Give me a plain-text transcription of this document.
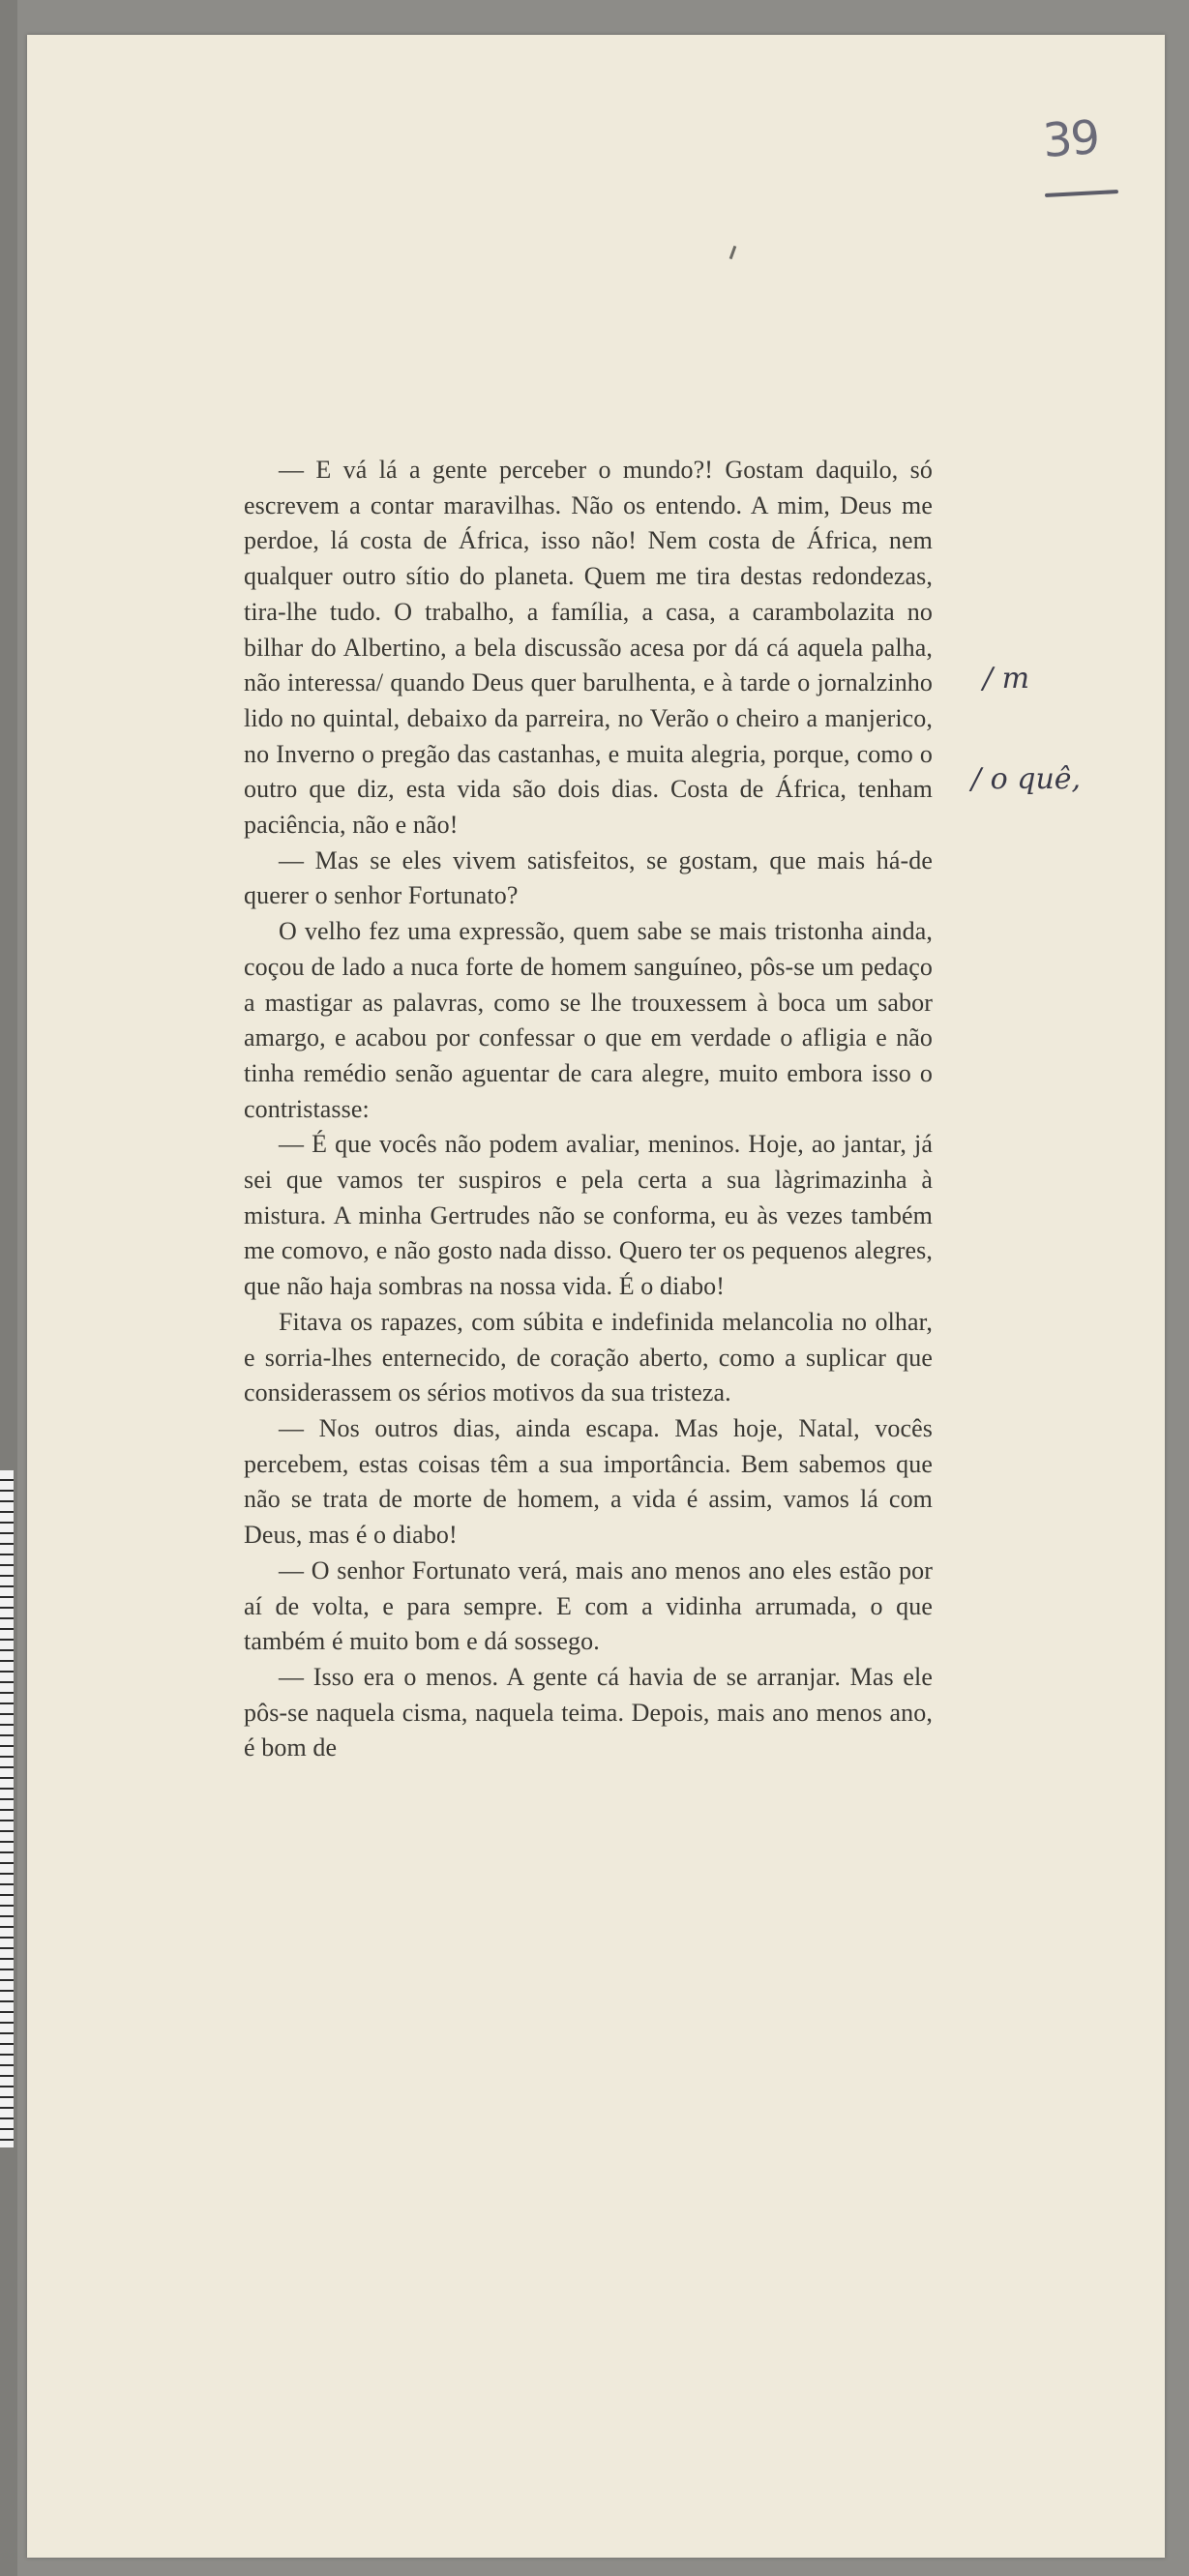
39
/ m
/ o quê,

— E vá lá a gente perceber o mundo?! Gostam daquilo, só escrevem a contar maravilhas. Não os entendo. A mim, Deus me perdoe, lá costa de África, isso não! Nem costa de África, nem qualquer outro sítio do planeta. Quem me tira destas redondezas, tira-lhe tudo. O trabalho, a família, a casa, a carambolazita no bilhar do Albertino, a bela discussão acesa por dá cá aquela palha, não interessa/ quando Deus quer barulhenta, e à tarde o jornalzinho lido no quintal, debaixo da parreira, no Verão o cheiro a manjerico, no Inverno o pregão das castanhas, e muita alegria, porque, como o outro que diz, esta vida são dois dias. Costa de África, tenham paciência, não e não!

— Mas se eles vivem satisfeitos, se gostam, que mais há-de querer o senhor Fortunato?

O velho fez uma expressão, quem sabe se mais tristonha ainda, coçou de lado a nuca forte de homem sanguíneo, pôs-se um pedaço a mastigar as palavras, como se lhe trouxessem à boca um sabor amargo, e acabou por confessar o que em verdade o afligia e não tinha remédio senão aguentar de cara alegre, muito embora isso o contristasse:

— É que vocês não podem avaliar, meninos. Hoje, ao jantar, já sei que vamos ter suspiros e pela certa a sua làgrimazinha à mistura. A minha Gertrudes não se conforma, eu às vezes também me comovo, e não gosto nada disso. Quero ter os pequenos alegres, que não haja sombras na nossa vida. É o diabo!

Fitava os rapazes, com súbita e indefinida melancolia no olhar, e sorria-lhes enternecido, de coração aberto, como a suplicar que considerassem os sérios motivos da sua tristeza.

— Nos outros dias, ainda escapa. Mas hoje, Natal, vocês percebem, estas coisas têm a sua importância. Bem sabemos que não se trata de morte de homem, a vida é assim, vamos lá com Deus, mas é o diabo!

— O senhor Fortunato verá, mais ano menos ano eles estão por aí de volta, e para sempre. E com a vidinha arrumada, o que também é muito bom e dá sossego.

— Isso era o menos. A gente cá havia de se arranjar. Mas ele pôs-se naquela cisma, naquela teima. Depois, mais ano menos ano, é bom de
